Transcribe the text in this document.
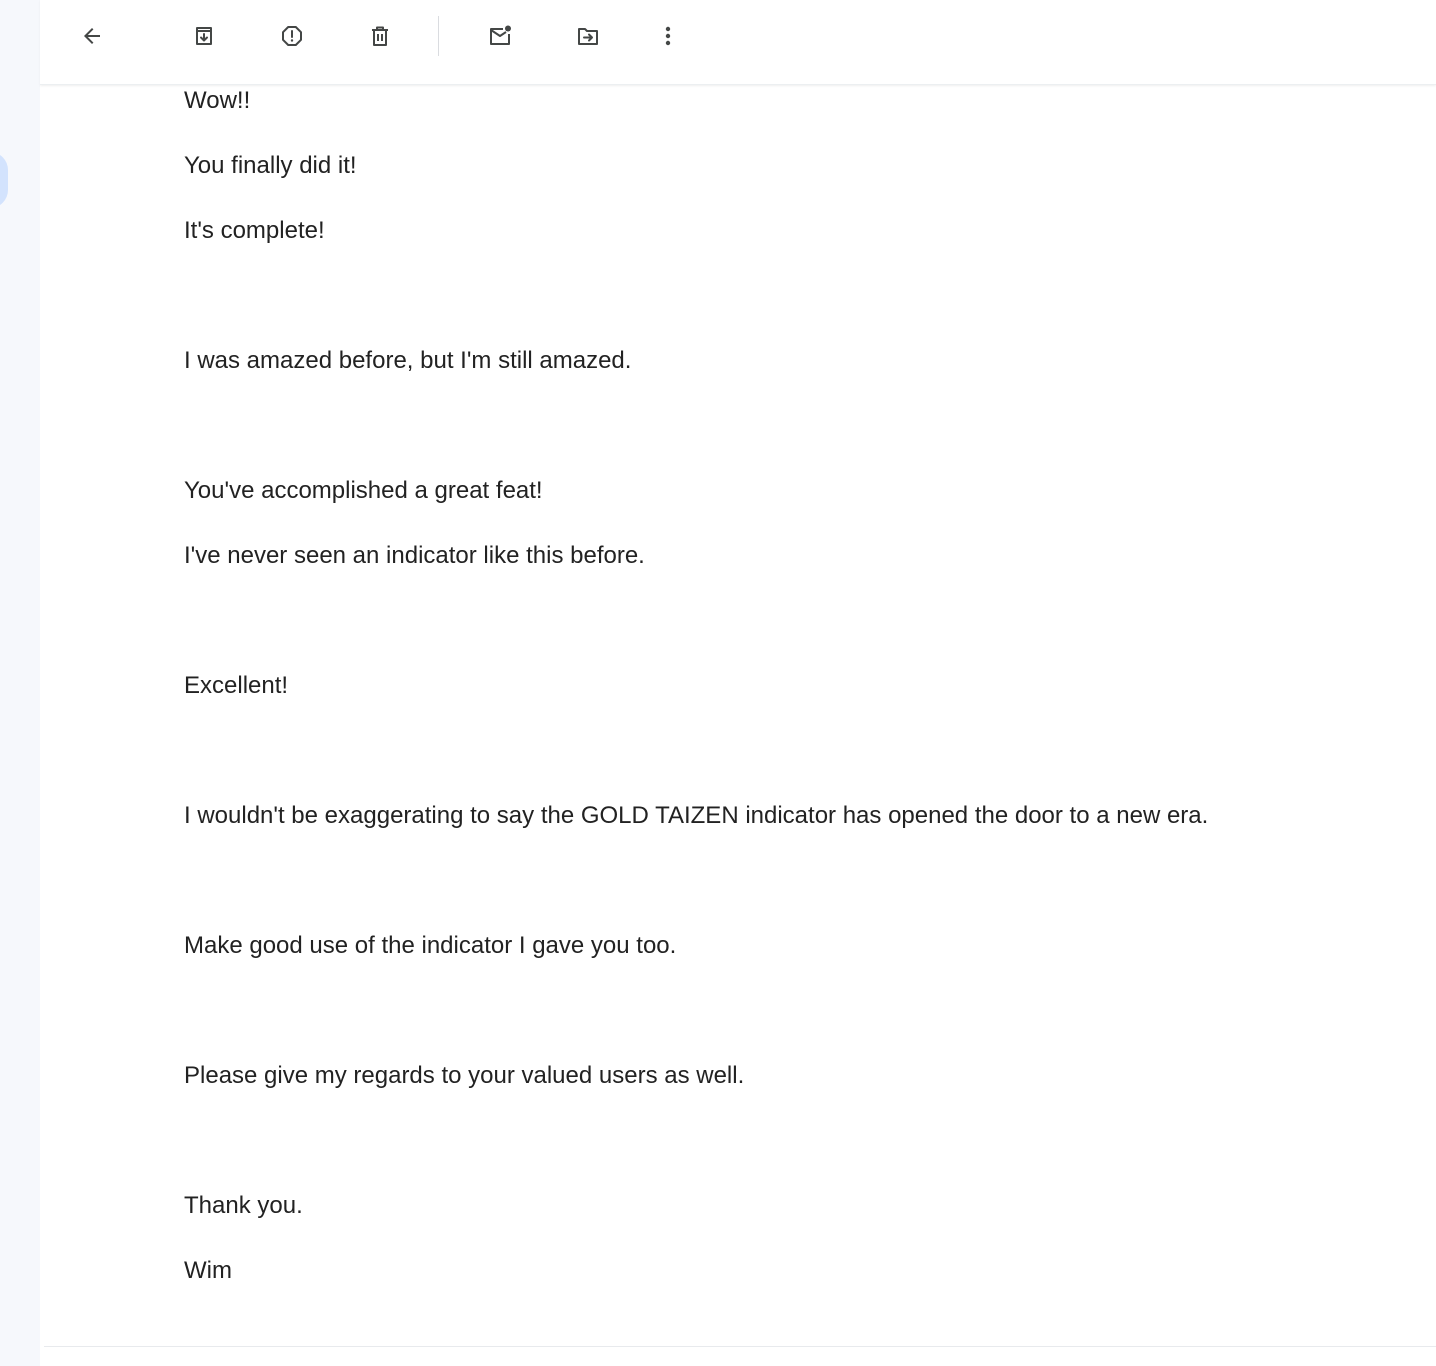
Wow!!

You finally did it!

It's complete!

I was amazed before, but I'm still amazed.

You've accomplished a great feat!

I've never seen an indicator like this before.

Excellent!

I wouldn't be exaggerating to say the GOLD TAIZEN indicator has opened the door to a new era.

Make good use of the indicator I gave you too.

Please give my regards to your valued users as well.

Thank you.

Wim
